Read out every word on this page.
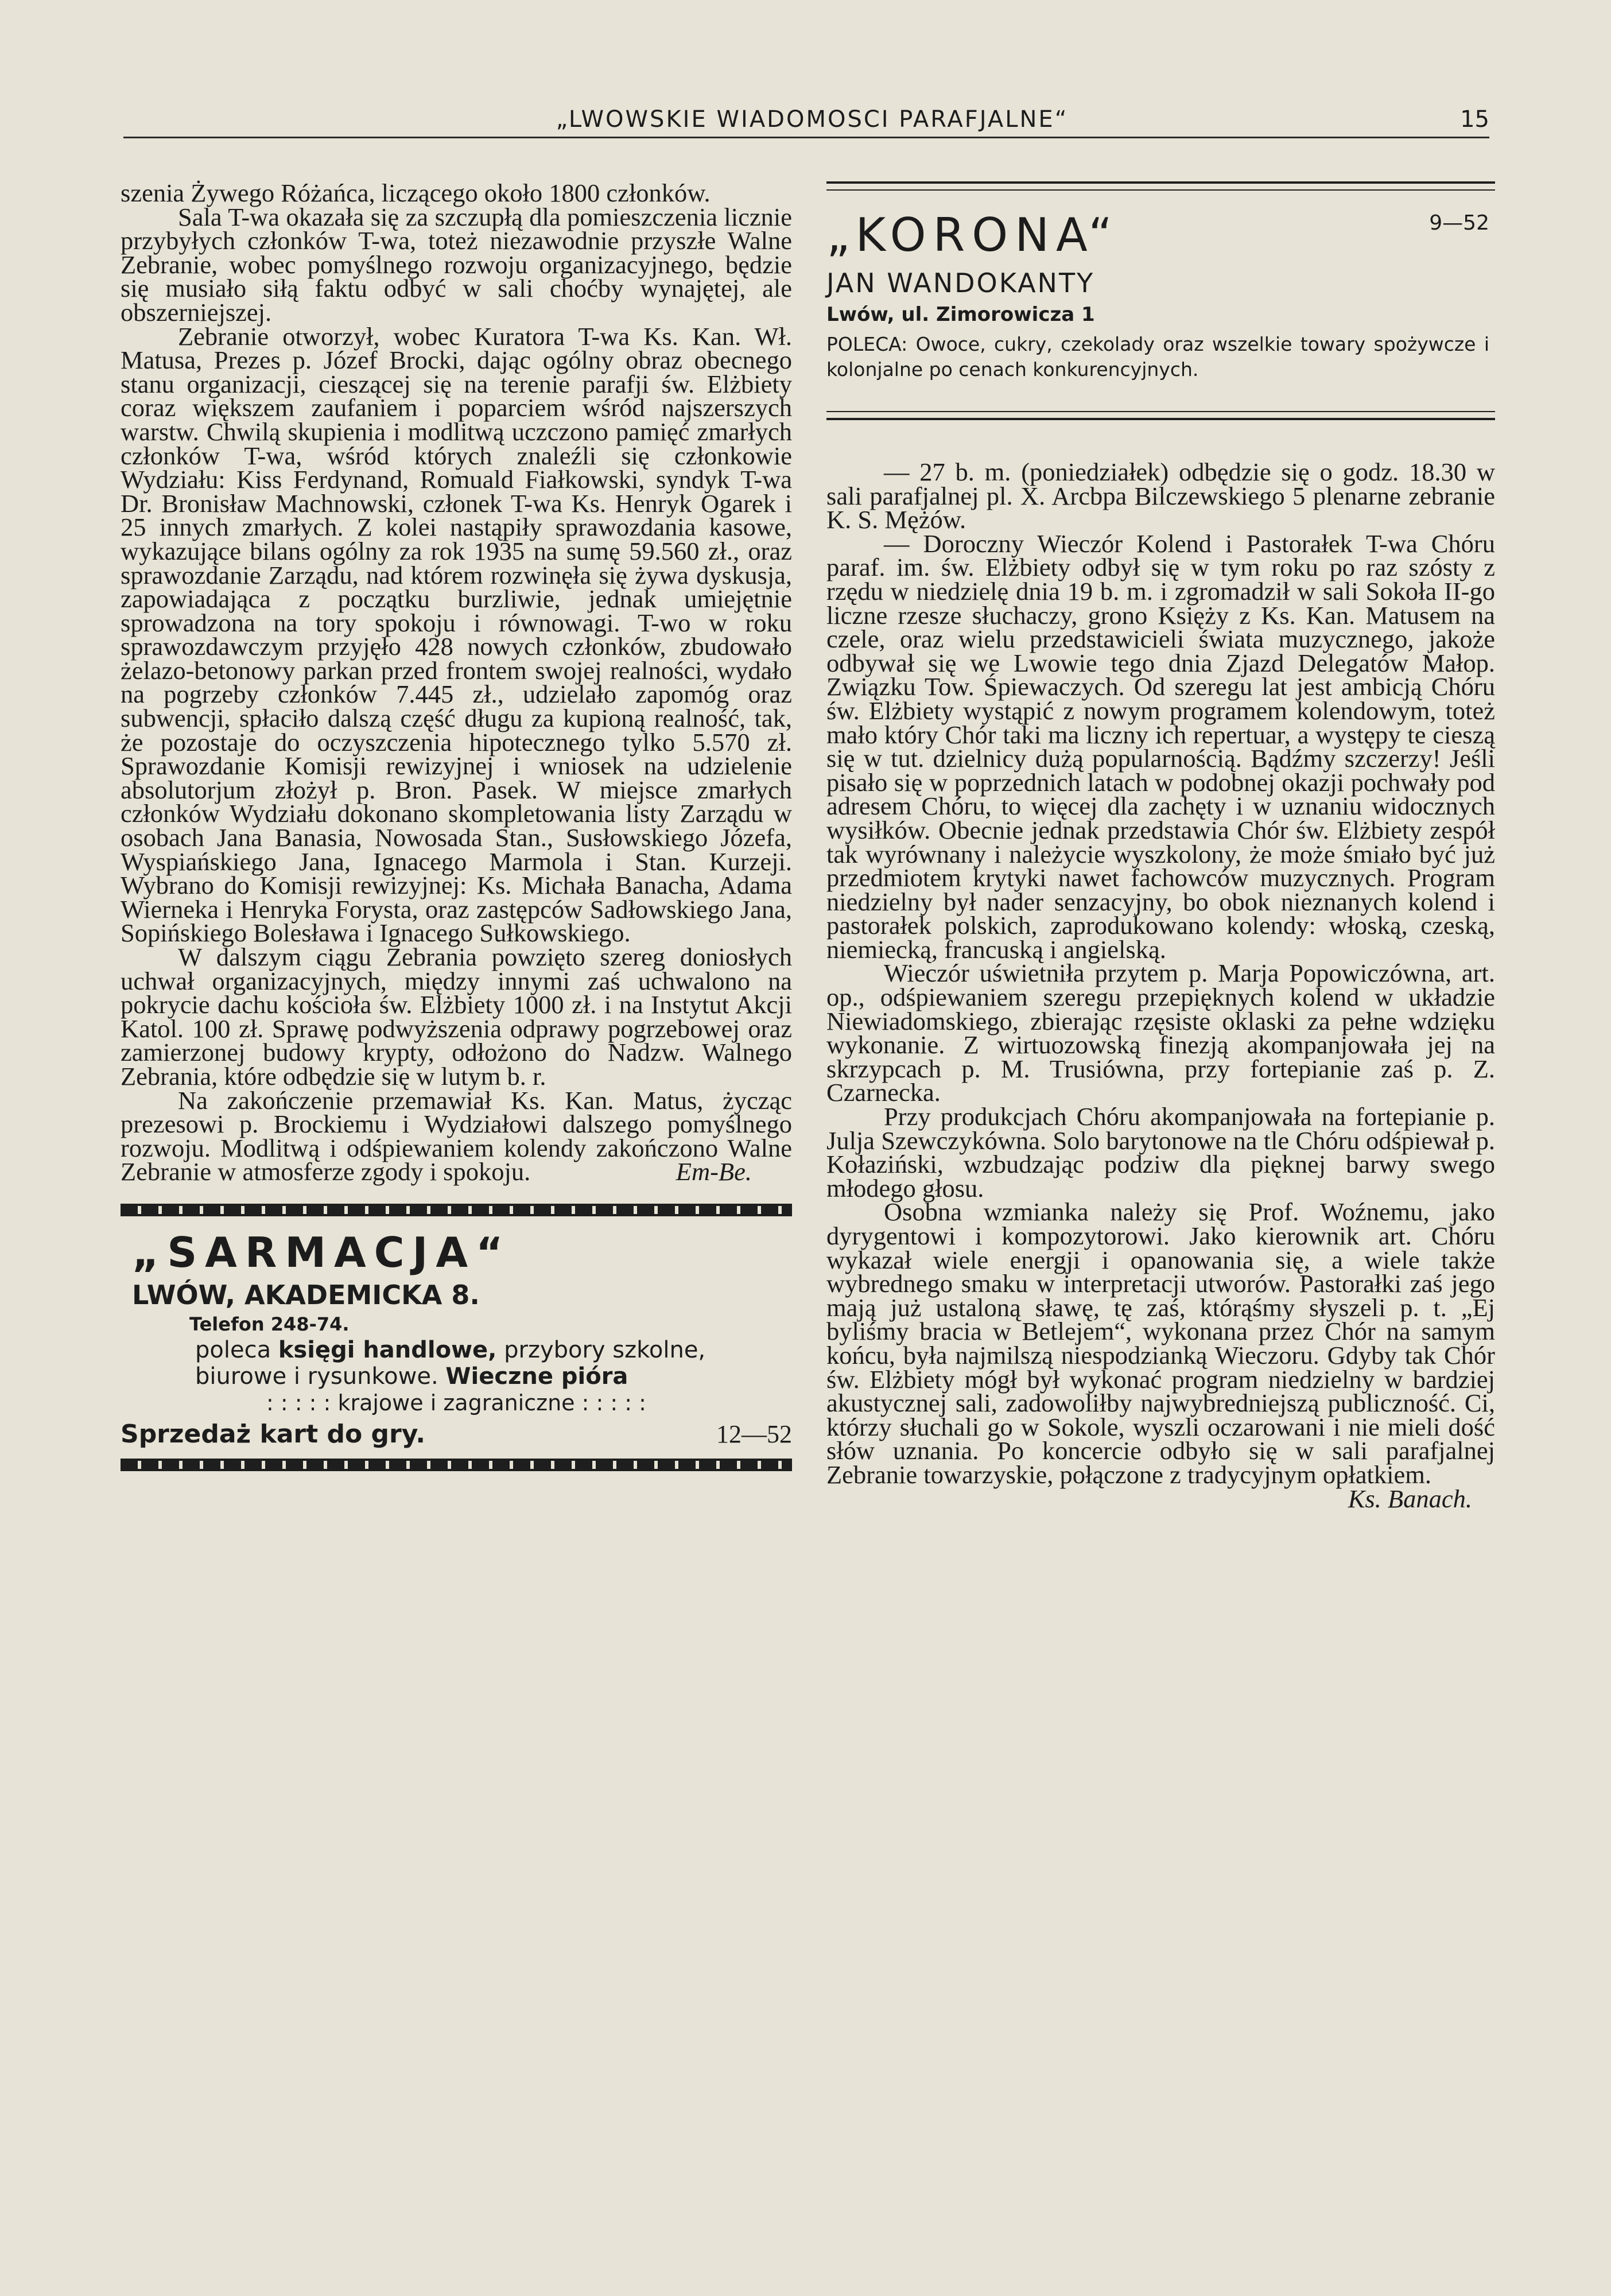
„LWOWSKIE WIADOMOSCI PARAFJALNE“	15

szenia Żywego Różańca, liczącego około 1800 członków.

Sala T-wa okazała się za szczupłą dla pomieszczenia licznie przybyłych członków T-wa, toteż niezawodnie przyszłe Walne Zebranie, wobec pomyślnego rozwoju organizacyjnego, będzie się musiało siłą faktu odbyć w sali choćby wynajętej, ale obszerniejszej.

Zebranie otworzył, wobec Kuratora T-wa Ks. Kan. Wł. Matusa, Prezes p. Józef Brocki, dając ogólny obraz obecnego stanu organizacji, cieszącej się na terenie parafji św. Elżbiety coraz większem zaufaniem i poparciem wśród najszerszych warstw. Chwilą skupienia i modlitwą uczczono pamięć zmarłych członków T-wa, wśród których znaleźli się członkowie Wydziału: Kiss Ferdynand, Romuald Fiałkowski, syndyk T-wa Dr. Bronisław Machnowski, członek T-wa Ks. Henryk Ogarek i 25 innych zmarłych. Z kolei nastąpiły sprawozdania kasowe, wykazujące bilans ogólny za rok 1935 na sumę 59.560 zł., oraz sprawozdanie Zarządu, nad którem rozwinęła się żywa dyskusja, zapowiadająca z początku burzliwie, jednak umiejętnie sprowadzona na tory spokoju i równowagi. T-wo w roku sprawozdawczym przyjęło 428 nowych członków, zbudowało żelazo-betonowy parkan przed frontem swojej realności, wydało na pogrzeby członków 7.445 zł., udzielało zapomóg oraz subwencji, spłaciło dalszą część długu za kupioną realność, tak, że pozostaje do oczyszczenia hipotecznego tylko 5.570 zł. Sprawozdanie Komisji rewizyjnej i wniosek na udzielenie absolutorjum złożył p. Bron. Pasek. W miejsce zmarłych członków Wydziału dokonano skompletowania listy Zarządu w osobach Jana Banasia, Nowosada Stan., Susłowskiego Józefa, Wyspiańskiego Jana, Ignacego Marmola i Stan. Kurzeji. Wybrano do Komisji rewizyjnej: Ks. Michała Banacha, Adama Wierneka i Henryka Forysta, oraz zastępców Sadłowskiego Jana, Sopińskiego Bolesława i Ignacego Sułkowskiego.

W dalszym ciągu Zebrania powzięto szereg doniosłych uchwał organizacyjnych, między innymi zaś uchwalono na pokrycie dachu kościoła św. Elżbiety 1000 zł. i na Instytut Akcji Katol. 100 zł. Sprawę podwyższenia odprawy pogrzebowej oraz zamierzonej budowy krypty, odłożono do Nadzw. Walnego Zebrania, które odbędzie się w lutym b. r.

Na zakończenie przemawiał Ks. Kan. Matus, życząc prezesowi p. Brockiemu i Wydziałowi dalszego pomyślnego rozwoju. Modlitwą i odśpiewaniem kolendy zakończono Walne Zebranie w atmosferze zgody i spokoju.	Em-Be.

„SARMACJA“
LWÓW, AKADEMICKA 8.
Telefon 248-74.
poleca księgi handlowe, przybory szkolne, biurowe i rysunkowe. Wieczne pióra
: : : : : krajowe i zagraniczne : : : : :
Sprzedaż kart do gry.	12—52
„KORONA“	9—52
JAN WANDOKANTY
Lwów, ul. Zimorowicza 1
POLECA: Owoce, cukry, czekolady oraz wszelkie towary spożywcze i kolonjalne po cenach konkurencyjnych.

— 27 b. m. (poniedziałek) odbędzie się o godz. 18.30 w sali parafjalnej pl. X. Arcbpa Bilczewskiego 5 plenarne zebranie K. S. Mężów.

— Doroczny Wieczór Kolend i Pastorałek T-wa Chóru paraf. im. św. Elżbiety odbył się w tym roku po raz szósty z rzędu w niedzielę dnia 19 b. m. i zgromadził w sali Sokoła II-go liczne rzesze słuchaczy, grono Księży z Ks. Kan. Matusem na czele, oraz wielu przedstawicieli świata muzycznego, jakoże odbywał się we Lwowie tego dnia Zjazd Delegatów Małop. Związku Tow. Śpiewaczych. Od szeregu lat jest ambicją Chóru św. Elżbiety wystąpić z nowym programem kolendowym, toteż mało który Chór taki ma liczny ich repertuar, a występy te cieszą się w tut. dzielnicy dużą popularnością. Bądźmy szczerzy! Jeśli pisało się w poprzednich latach w podobnej okazji pochwały pod adresem Chóru, to więcej dla zachęty i w uznaniu widocznych wysiłków. Obecnie jednak przedstawia Chór św. Elżbiety zespół tak wyrównany i należycie wyszkolony, że może śmiało być już przedmiotem krytyki nawet fachowców muzycznych. Program niedzielny był nader senzacyjny, bo obok nieznanych kolend i pastorałek polskich, zaprodukowano kolendy: włoską, czeską, niemiecką, francuską i angielską.

Wieczór uświetniła przytem p. Marja Popowiczówna, art. op., odśpiewaniem szeregu przepięknych kolend w układzie Niewiadomskiego, zbierając rzęsiste oklaski za pełne wdzięku wykonanie. Z wirtuozowską finezją akompanjowała jej na skrzypcach p. M. Trusiówna, przy fortepianie zaś p. Z. Czarnecka.

Przy produkcjach Chóru akompanjowała na fortepianie p. Julja Szewczykówna. Solo barytonowe na tle Chóru odśpiewał p. Kołaziński, wzbudzając podziw dla pięknej barwy swego młodego głosu.

Osobna wzmianka należy się Prof. Woźnemu, jako dyrygentowi i kompozytorowi. Jako kierownik art. Chóru wykazał wiele energji i opanowania się, a wiele także wybrednego smaku w interpretacji utworów. Pastorałki zaś jego mają już ustaloną sławę, tę zaś, którąśmy słyszeli p. t. „Ej byliśmy bracia w Betlejem“, wykonana przez Chór na samym końcu, była najmilszą niespodzianką Wieczoru. Gdyby tak Chór św. Elżbiety mógł był wykonać program niedzielny w bardziej akustycznej sali, zadowoliłby najwybredniejszą publiczność. Ci, którzy słuchali go w Sokole, wyszli oczarowani i nie mieli dość słów uznania. Po koncercie odbyło się w sali parafjalnej Zebranie towarzyskie, połączone z tradycyjnym opłatkiem.
Ks. Banach.
